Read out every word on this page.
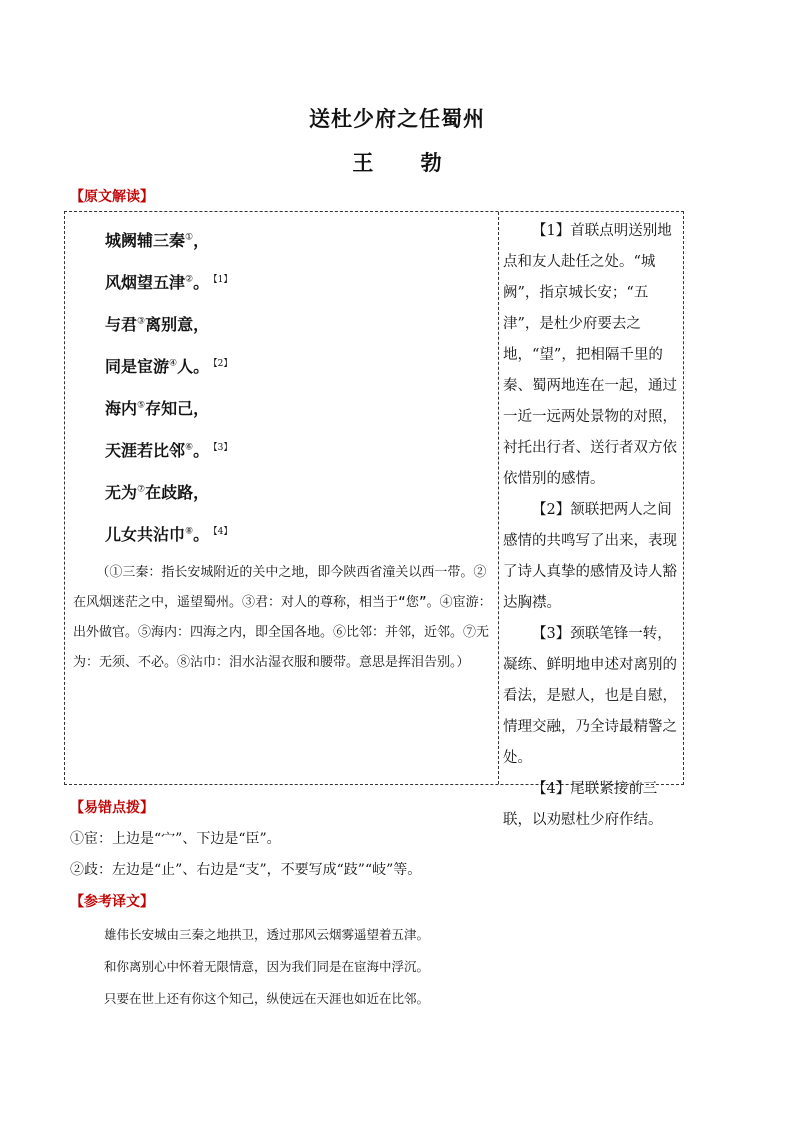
送杜少府之任蜀州
王 勃
【原文解读】
城阙辅三秦①，
风烟望五津②。 $^{【1】}$
与君③离别意，
同是宦游④人。 $^{【2】}$
海内⑤存知己，
天涯若比邻⑥。 $^{【3】}$
无为⑦在歧路，
儿女共沾巾⑧。 $^{【4】}$

（①三秦：指长安城附近的关中之地，即今陕西省潼关以西一带。②在风烟迷茫之中，遥望蜀州。③君：对人的尊称，相当于“您”。④宦游：出外做官。⑤海内：四海之内，即全国各地。⑥比邻：并邻，近邻。⑦无为：无须、不必。⑧沾巾：泪水沾湿衣服和腰带。意思是挥泪告别。）

【1】首联点明送别地点和友人赴任之处。“城阙”，指京城长安；“五津”，是杜少府要去之地，“望”，把相隔千里的秦、蜀两地连在一起，通过一近一远两处景物的对照，衬托出行者、送行者双方依依惜别的感情。

【2】颔联把两人之间感情的共鸣写了出来，表现了诗人真挚的感情及诗人豁达胸襟。

【3】颈联笔锋一转，凝练、鲜明地申述对离别的看法，是慰人，也是自慰，情理交融，乃全诗最精警之处。

【4】尾联紧接前三联，以劝慰杜少府作结。

【易错点拨】
①宦：上边是“宀”、下边是“臣”。
②歧：左边是“止”、右边是“支”，不要写成“跂”“岐”等。
【参考译文】
雄伟长安城由三秦之地拱卫，透过那风云烟雾遥望着五津。
和你离别心中怀着无限情意，因为我们同是在宦海中浮沉。
只要在世上还有你这个知己，纵使远在天涯也如近在比邻。
